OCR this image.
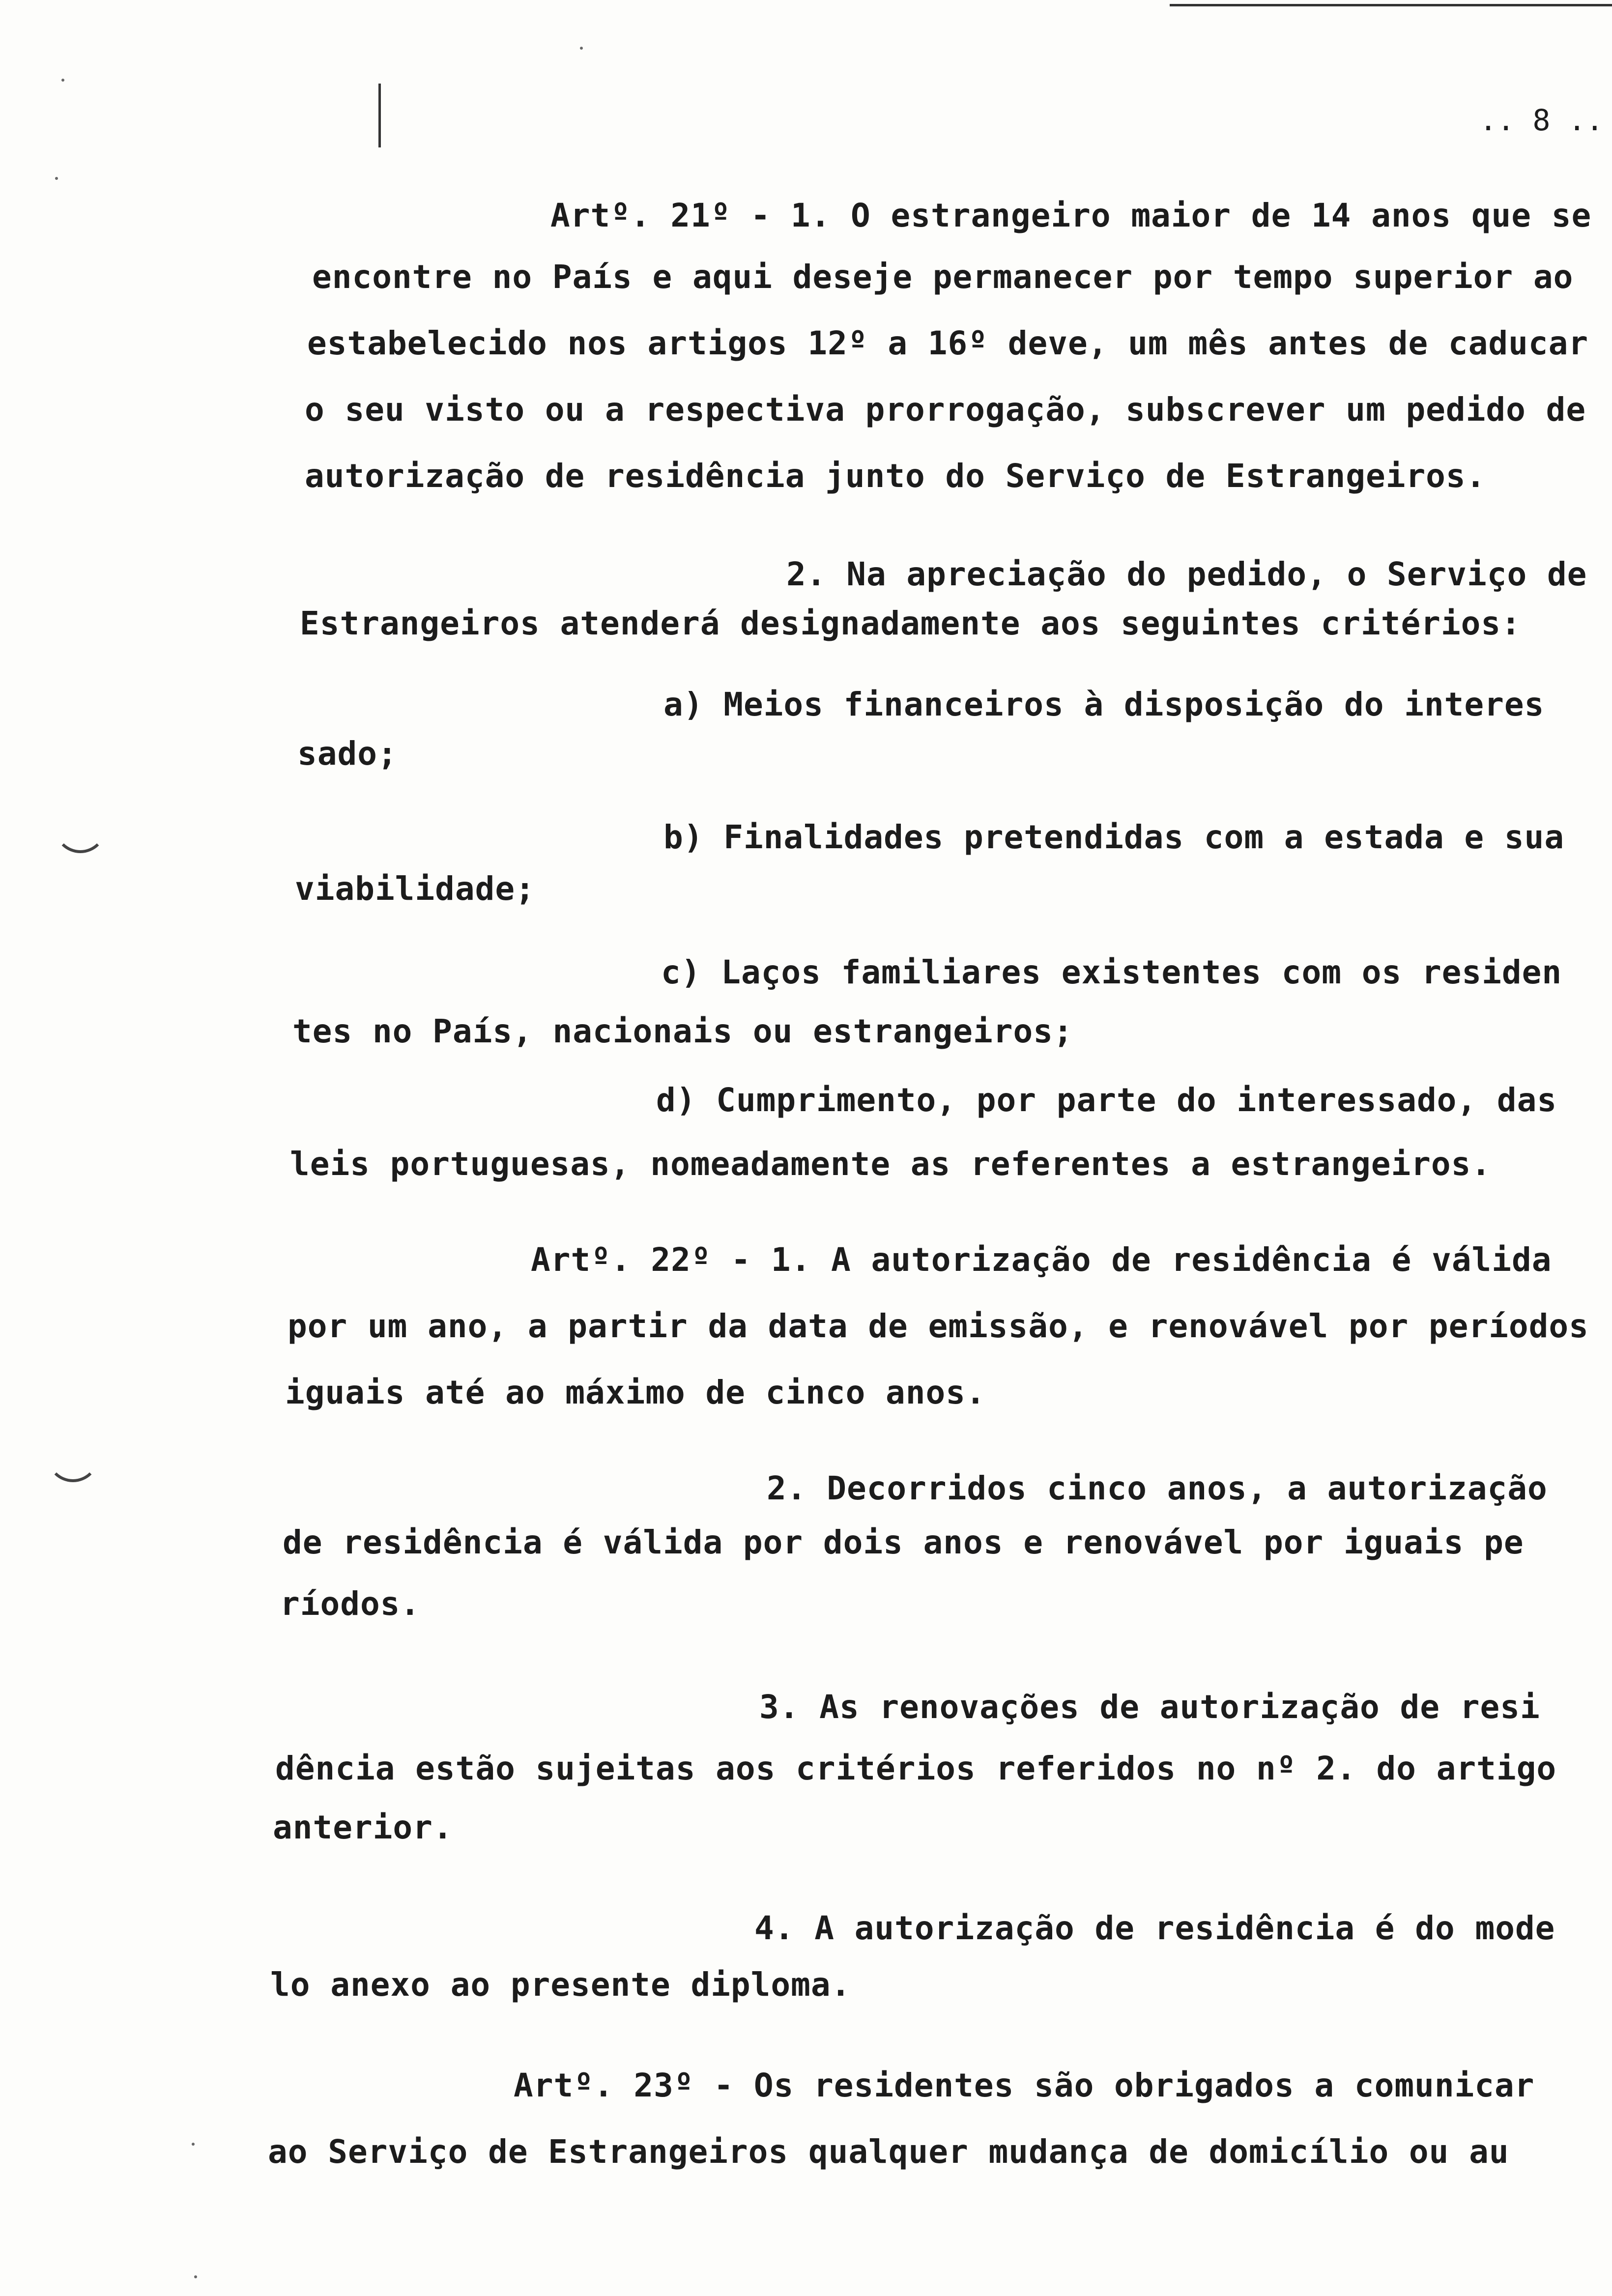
.. 8 ..
Artº. 21º - 1. O estrangeiro maior de 14 anos que se
encontre no País e aqui deseje permanecer por tempo superior ao
estabelecido nos artigos 12º a 16º deve, um mês antes de caducar
o seu visto ou a respectiva prorrogação, subscrever um pedido de
autorização de residência junto do Serviço de Estrangeiros.
2. Na apreciação do pedido, o Serviço de
Estrangeiros atenderá designadamente aos seguintes critérios:
a) Meios financeiros à disposição do interes
sado;
b) Finalidades pretendidas com a estada e sua
viabilidade;
c) Laços familiares existentes com os residen
tes no País, nacionais ou estrangeiros;
d) Cumprimento, por parte do interessado, das
leis portuguesas, nomeadamente as referentes a estrangeiros.
Artº. 22º - 1. A autorização de residência é válida
por um ano, a partir da data de emissão, e renovável por períodos
iguais até ao máximo de cinco anos.
2. Decorridos cinco anos, a autorização
de residência é válida por dois anos e renovável por iguais pe
ríodos.
3. As renovações de autorização de resi
dência estão sujeitas aos critérios referidos no nº 2. do artigo
anterior.
4. A autorização de residência é do mode
lo anexo ao presente diploma.
Artº. 23º - Os residentes são obrigados a comunicar
ao Serviço de Estrangeiros qualquer mudança de domicílio ou au
